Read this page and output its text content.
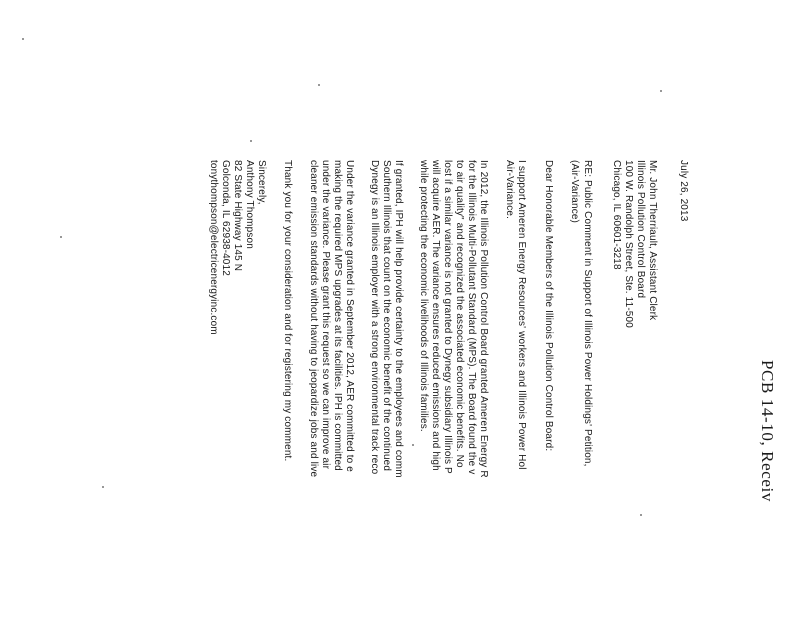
PCB 14-10, Receiv
July 26, 2013
Mr. John Therriault, Assistant Clerk
Illinois Pollution Control Board
100 W. Randolph Street, Ste. 11-500
Chicago, IL 60601-3218
RE: Public Comment in Support of Illinois Power Holdings' Petition,
(Air-Variance)
Dear Honorable Members of the Illinois Pollution Control Board:
I support Ameren Energy Resources' workers and Illinois Power Hol
Air-Variance.
In 2012, the Illinois Pollution Control Board granted Ameren Energy R
for the Illinois Multi-Pollutant Standard (MPS). The Board found the v
to air quality" and recognized the associated economic benefits. No
lost if a similar variance is not granted to Dynegy subsidiary Illinois P
will acquire AER. The variance ensures reduced emissions and high
while protecting the economic livelihoods of Illinois families.
If granted, IPH will help provide certainty to the employees and comm
Southern Illinois that count on the economic benefit of the continued
Dynegy is an Illinois employer with a strong environmental track reco
Under the variance granted in September 2012, AER committed to e
making the required MPS upgrades at its facilities. IPH is committed
under the variance. Please grant this request so we can improve air
cleaner emission standards without having to jeopardize jobs and live
Thank you for your consideration and for registering my comment.
Sincerely,
Anthony Thompson
82 State Highway 145 N
Golconda, IL 62938-4012
tonythompson@electricenergyinc.com
